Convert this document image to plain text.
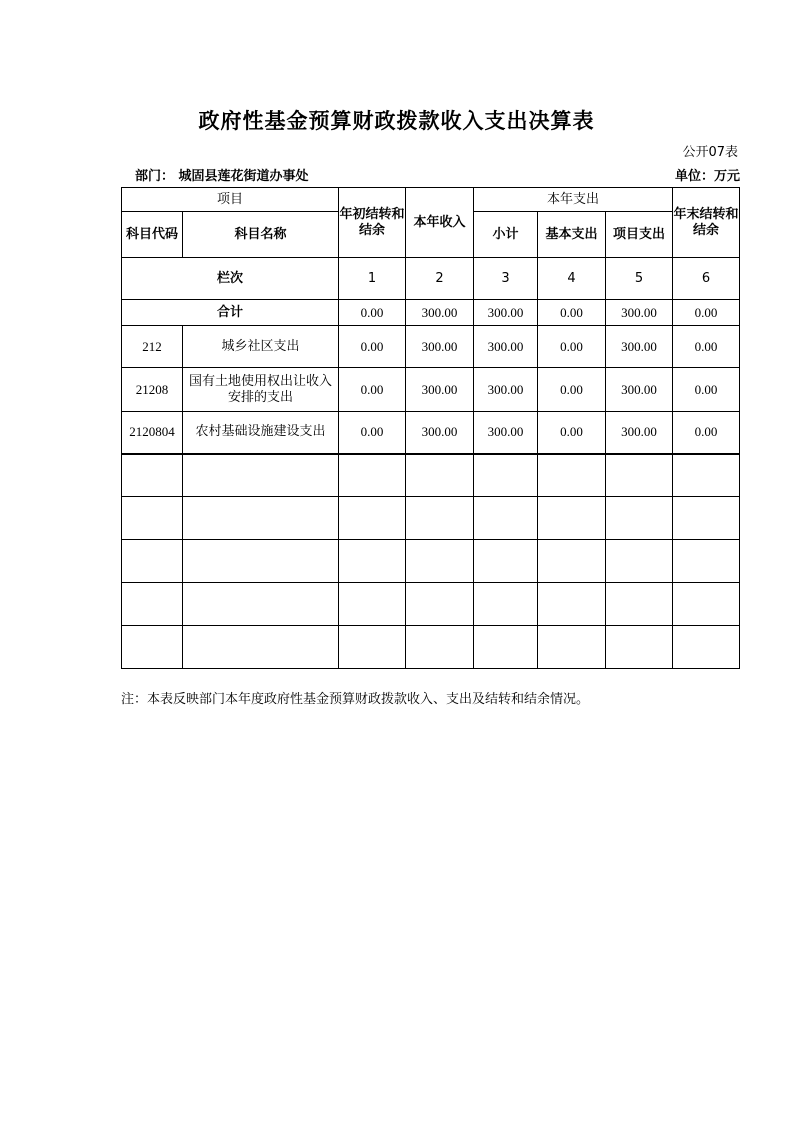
政府性基金预算财政拨款收入支出决算表
公开07表
部门： 城固县莲花街道办事处	单位：万元
项目		年初结转和结余	本年收入	本年支出			年末结转和结余
科目代码	科目名称			小计	基本支出	项目支出	
栏次		1	2	3	4	5	6
合计		0.00	300.00	300.00	0.00	300.00	0.00
212	城乡社区支出	0.00	300.00	300.00	0.00	300.00	0.00
21208	国有土地使用权出让收入安排的支出	0.00	300.00	300.00	0.00	300.00	0.00
2120804	农村基础设施建设支出	0.00	300.00	300.00	0.00	300.00	0.00

注：本表反映部门本年度政府性基金预算财政拨款收入、支出及结转和结余情况。
